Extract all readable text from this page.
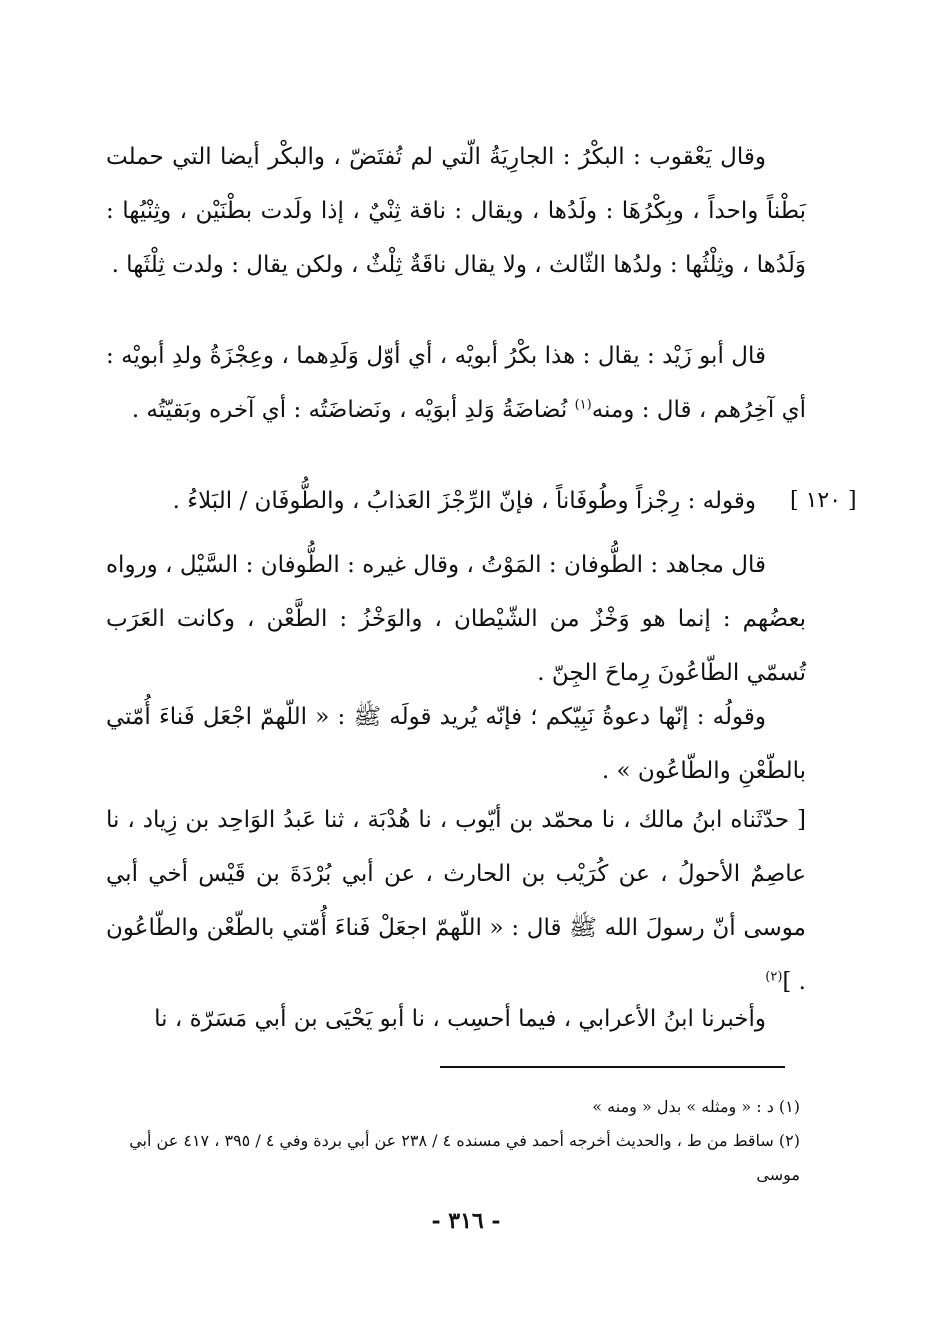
وقال يَعْقوب : البكْرُ : الجارِيَةُ الّتي لم تُفتَضّ ، والبكْر أيضا التي حملت بَطْناً واحداً ، وبِكْرُهَا : ولَدُها ، ويقال : ناقة ثِنْيٌ ، إذا ولَدت بطْنَيْن ، وثِنْيُها : وَلَدُها ، وثِلْثُها : ولدُها الثّالث ، ولا يقال ناقَةٌ ثِلْثٌ ، ولكن يقال : ولدت ثِلْثَها .

قال أبو زَيْد : يقال : هذا بكْرُ أبويْه ، أي أوّل وَلَدِهما ، وعِجْزَةُ ولدِ أبويْه : أي آخِرُهم ، قال : ومنه$^{(١)}$ نُضاضَةُ وَلدِ أبوَيْه ، ونَضاضَتُه : أي آخره وبَقيّتُه .

[ ١٢٠ ]
وقوله : رِجْزاً وطُوفَاناً ، فإنّ الرِّجْزَ العَذابُ ، والطُّوفَان / البَلاءُ .

قال مجاهد : الطُّوفان : المَوْتُ ، وقال غيره : الطُّوفان : السَّيْل ، ورواه بعضُهم : إنما هو وَخْزٌ من الشّيْطان ، والوَخْزُ : الطَّعْن ، وكانت العَرَب تُسمّي الطّاعُونَ رِماحَ الجِنّ .

وقولُه : إنّها دعوةُ نَبِيّكم ؛ فإنّه يُريد قولَه ﷺ : « اللّهمّ اجْعَل فَناءَ أُمّتي بالطّعْنِ والطّاعُون » .

[ حدّثَناه ابنُ مالك ، نا محمّد بن أيّوب ، نا هُدْبَة ، ثنا عَبدُ الوَاحِد بن زِياد ، نا عاصِمٌ الأحولُ ، عن كُرَيْب بن الحارث ، عن أبي بُرْدَةَ بن قَيْس أخي أبي موسى أنّ رسولَ الله ﷺ قال : « اللّهمّ اجعَلْ فَناءَ أُمّتي بالطّعْن والطّاعُون . ]$^{(٢)}$

وأخبرنا ابنُ الأعرابي ، فيما أحسِب ، نا أبو يَحْيَى بن أبي مَسَرّة ، نا

(١) د : « ومثله » بدل « ومنه »
(٢) ساقط من ط ، والحديث أخرجه أحمد في مسنده ٤ / ٢٣٨ عن أبي بردة وفي ٤ / ٣٩٥ ، ٤١٧ عن أبي موسى
- ٣١٦ -
